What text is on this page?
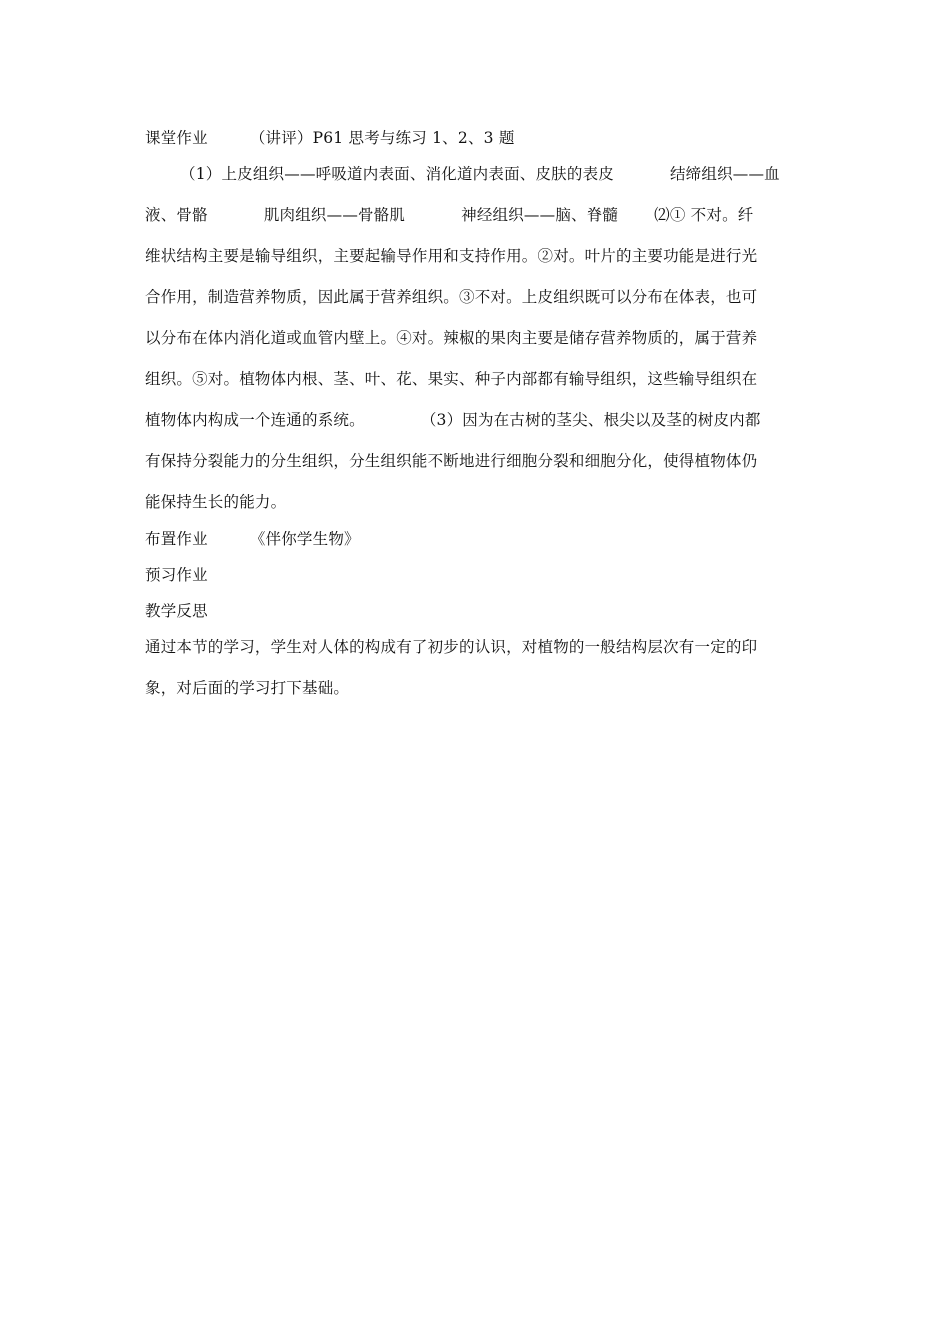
课堂作业	（讲评）P61 思考与练习 1、2、3 题
（1）上皮组织——呼吸道内表面、消化道内表面、皮肤的表皮	结缔组织——血
液、骨骼	肌肉组织——骨骼肌	神经组织——脑、脊髓 ⑵① 不对。纤
维状结构主要是输导组织，主要起输导作用和支持作用。②对。叶片的主要功能是进行光
合作用，制造营养物质，因此属于营养组织。③不对。上皮组织既可以分布在体表，也可
以分布在体内消化道或血管内壁上。④对。辣椒的果肉主要是储存营养物质的，属于营养
组织。⑤对。植物体内根、茎、叶、花、果实、种子内部都有输导组织，这些输导组织在
植物体内构成一个连通的系统。	（3）因为在古树的茎尖、根尖以及茎的树皮内都
有保持分裂能力的分生组织，分生组织能不断地进行细胞分裂和细胞分化，使得植物体仍
能保持生长的能力。
布置作业	《伴你学生物》
预习作业
教学反思
通过本节的学习，学生对人体的构成有了初步的认识，对植物的一般结构层次有一定的印
象，对后面的学习打下基础。
